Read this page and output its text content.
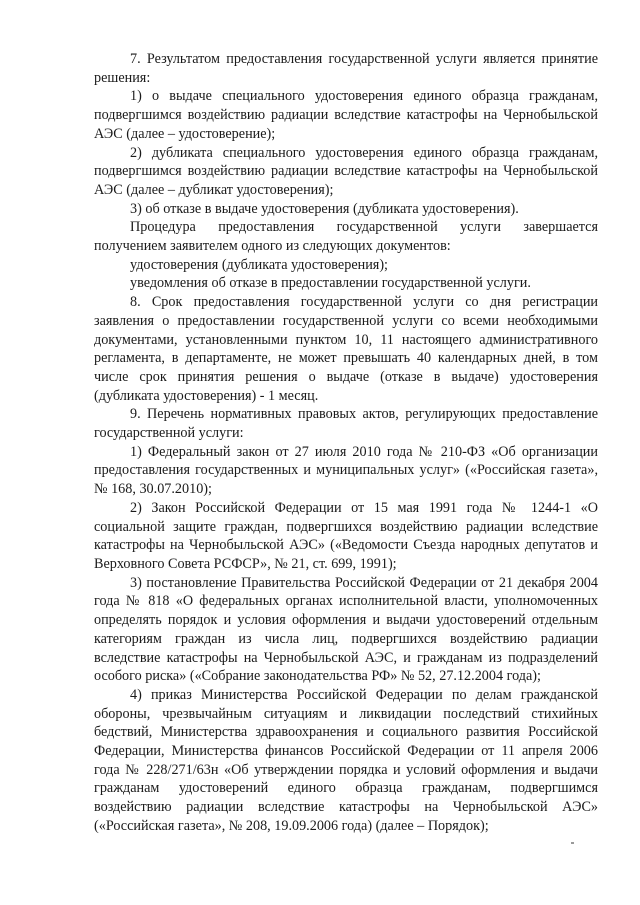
7. Результатом предоставления государственной услуги является принятие решения:

1) о выдаче специального удостоверения единого образца гражданам, подвергшимся воздействию радиации вследствие катастрофы на Чернобыльской АЭС (далее – удостоверение);

2) дубликата специального удостоверения единого образца гражданам, подвергшимся воздействию радиации вследствие катастрофы на Чернобыльской АЭС (далее – дубликат удостоверения);

3) об отказе в выдаче удостоверения (дубликата удостоверения).

Процедура предоставления государственной услуги завершается получением заявителем одного из следующих документов:

удостоверения (дубликата удостоверения);

уведомления об отказе в предоставлении государственной услуги.

8. Срок предоставления государственной услуги со дня регистрации заявления о предоставлении государственной услуги со всеми необходимыми документами, установленными пунктом 10, 11 настоящего административного регламента, в департаменте, не может превышать 40 календарных дней, в том числе срок принятия решения о выдаче (отказе в выдаче) удостоверения (дубликата удостоверения) - 1 месяц.

9. Перечень нормативных правовых актов, регулирующих предоставление государственной услуги:

1) Федеральный закон от 27 июля 2010 года № 210-ФЗ «Об организации предоставления государственных и муниципальных услуг» («Российская газета», № 168, 30.07.2010);

2) Закон Российской Федерации от 15 мая 1991 года № 1244-1 «О социальной защите граждан, подвергшихся воздействию радиации вследствие катастрофы на Чернобыльской АЭС» («Ведомости Съезда народных депутатов и Верховного Совета РСФСР», № 21, ст. 699, 1991);

3) постановление Правительства Российской Федерации от 21 декабря 2004 года № 818 «О федеральных органах исполнительной власти, уполномоченных определять порядок и условия оформления и выдачи удостоверений отдельным категориям граждан из числа лиц, подвергшихся воздействию радиации вследствие катастрофы на Чернобыльской АЭС, и гражданам из подразделений особого риска» («Собрание законодательства РФ» № 52, 27.12.2004 года);

4) приказ Министерства Российской Федерации по делам гражданской обороны, чрезвычайным ситуациям и ликвидации последствий стихийных бедствий, Министерства здравоохранения и социального развития Российской Федерации, Министерства финансов Российской Федерации от 11 апреля 2006 года № 228/271/63н «Об утверждении порядка и условий оформления и выдачи гражданам удостоверений единого образца гражданам, подвергшимся воздействию радиации вследствие катастрофы на Чернобыльской АЭС» («Российская газета», № 208, 19.09.2006 года) (далее – Порядок);
